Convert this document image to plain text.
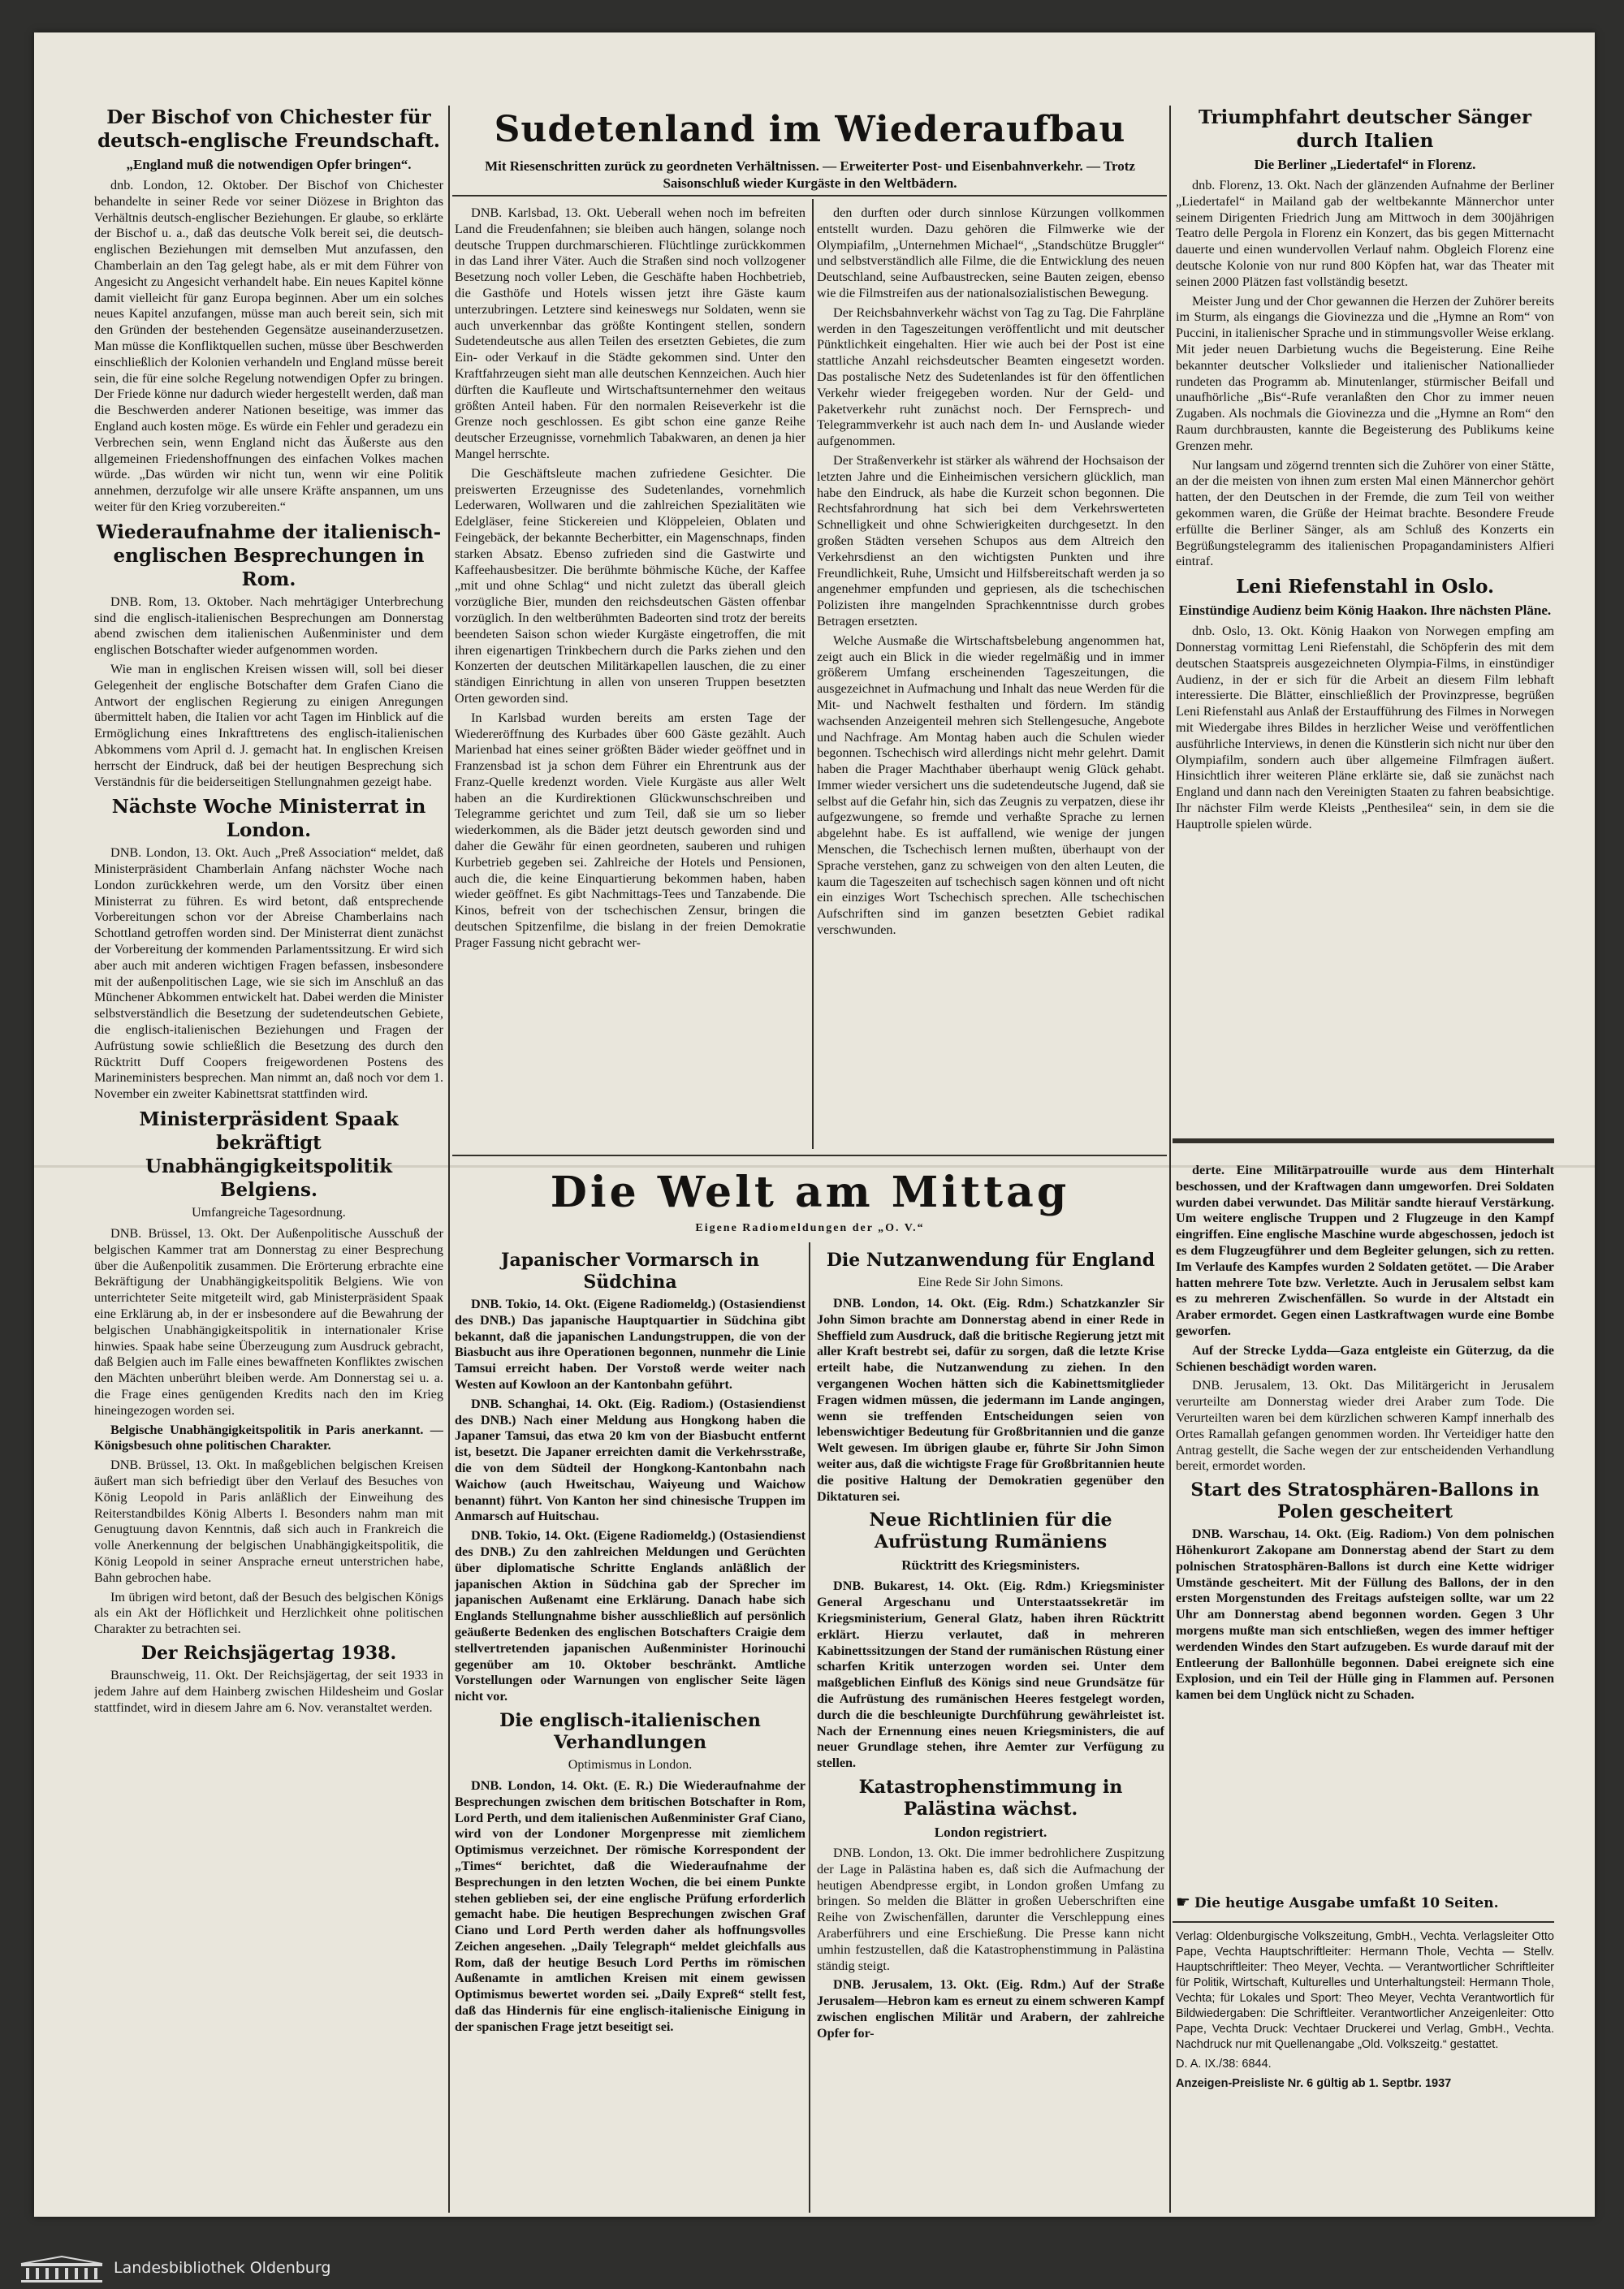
Der Bischof von Chichester für deutsch-englische Freundschaft.
„England muß die notwendigen Opfer bringen“.

dnb. London, 12. Oktober. Der Bischof von Chichester behandelte in seiner Rede vor seiner Diözese in Brighton das Verhältnis deutsch-englischer Beziehungen. Er glaube, so erklärte der Bischof u. a., daß das deutsche Volk bereit sei, die deutsch-englischen Beziehungen mit demselben Mut anzufassen, den Chamberlain an den Tag gelegt habe, als er mit dem Führer von Angesicht zu Angesicht verhandelt habe. Ein neues Kapitel könne damit vielleicht für ganz Europa beginnen. Aber um ein solches neues Kapitel anzufangen, müsse man auch bereit sein, sich mit den Gründen der bestehenden Gegensätze auseinanderzusetzen. Man müsse die Konfliktquellen suchen, müsse über Beschwerden einschließlich der Kolonien verhandeln und England müsse bereit sein, die für eine solche Regelung notwendigen Opfer zu bringen. Der Friede könne nur dadurch wieder hergestellt werden, daß man die Beschwerden anderer Nationen beseitige, was immer das England auch kosten möge. Es würde ein Fehler und geradezu ein Verbrechen sein, wenn England nicht das Äußerste aus den allgemeinen Friedenshoffnungen des einfachen Volkes machen würde. „Das würden wir nicht tun, wenn wir eine Politik annehmen, derzufolge wir alle unsere Kräfte anspannen, um uns weiter für den Krieg vorzubereiten.“

Wiederaufnahme der italienisch-englischen Besprechungen in Rom.

DNB. Rom, 13. Oktober. Nach mehrtägiger Unterbrechung sind die englisch-italienischen Besprechungen am Donnerstag abend zwischen dem italienischen Außenminister und dem englischen Botschafter wieder aufgenommen worden.

Wie man in englischen Kreisen wissen will, soll bei dieser Gelegenheit der englische Botschafter dem Grafen Ciano die Antwort der englischen Regierung zu einigen Anregungen übermittelt haben, die Italien vor acht Tagen im Hinblick auf die Ermöglichung eines Inkrafttretens des englisch-italienischen Abkommens vom April d. J. gemacht hat. In englischen Kreisen herrscht der Eindruck, daß bei der heutigen Besprechung sich Verständnis für die beiderseitigen Stellungnahmen gezeigt habe.

Nächste Woche Ministerrat in London.

DNB. London, 13. Okt. Auch „Preß Association“ meldet, daß Ministerpräsident Chamberlain Anfang nächster Woche nach London zurückkehren werde, um den Vorsitz über einen Ministerrat zu führen. Es wird betont, daß entsprechende Vorbereitungen schon vor der Abreise Chamberlains nach Schottland getroffen worden sind. Der Ministerrat dient zunächst der Vorbereitung der kommenden Parlamentssitzung. Er wird sich aber auch mit anderen wichtigen Fragen befassen, insbesondere mit der außenpolitischen Lage, wie sie sich im Anschluß an das Münchener Abkommen entwickelt hat. Dabei werden die Minister selbstverständlich die Besetzung der sudetendeutschen Gebiete, die englisch-italienischen Beziehungen und Fragen der Aufrüstung sowie schließlich die Besetzung des durch den Rücktritt Duff Coopers freigewordenen Postens des Marineministers besprechen. Man nimmt an, daß noch vor dem 1. November ein zweiter Kabinettsrat stattfinden wird.

Ministerpräsident Spaak bekräftigt Unabhängigkeitspolitik Belgiens.
Umfangreiche Tagesordnung.

DNB. Brüssel, 13. Okt. Der Außenpolitische Ausschuß der belgischen Kammer trat am Donnerstag zu einer Besprechung über die Außenpolitik zusammen. Die Erörterung erbrachte eine Bekräftigung der Unabhängigkeitspolitik Belgiens. Wie von unterrichteter Seite mitgeteilt wird, gab Ministerpräsident Spaak eine Erklärung ab, in der er insbesondere auf die Bewahrung der belgischen Unabhängigkeitspolitik in internationaler Krise hinwies. Spaak habe seine Überzeugung zum Ausdruck gebracht, daß Belgien auch im Falle eines bewaffneten Konfliktes zwischen den Mächten unberührt bleiben werde. Am Donnerstag sei u. a. die Frage eines genügenden Kredits nach den im Krieg hineingezogen worden sei.

Belgische Unabhängigkeitspolitik in Paris anerkannt. — Königsbesuch ohne politischen Charakter.

DNB. Brüssel, 13. Okt. In maßgeblichen belgischen Kreisen äußert man sich befriedigt über den Verlauf des Besuches von König Leopold in Paris anläßlich der Einweihung des Reiterstandbildes König Alberts I. Besonders nahm man mit Genugtuung davon Kenntnis, daß sich auch in Frankreich die volle Anerkennung der belgischen Unabhängigkeitspolitik, die König Leopold in seiner Ansprache erneut unterstrichen habe, Bahn gebrochen habe.

Im übrigen wird betont, daß der Besuch des belgischen Königs als ein Akt der Höflichkeit und Herzlichkeit ohne politischen Charakter zu betrachten sei.

Der Reichsjägertag 1938.

Braunschweig, 11. Okt. Der Reichsjägertag, der seit 1933 in jedem Jahre auf dem Hainberg zwischen Hildesheim und Goslar stattfindet, wird in diesem Jahre am 6. Nov. veranstaltet werden.

Sudetenland im Wiederaufbau
Mit Riesenschritten zurück zu geordneten Verhältnissen. — Erweiterter Post- und Eisenbahnverkehr. — Trotz Saisonschluß wieder Kurgäste in den Weltbädern.

DNB. Karlsbad, 13. Okt. Ueberall wehen noch im befreiten Land die Freudenfahnen; sie bleiben auch hängen, solange noch deutsche Truppen durchmarschieren. Flüchtlinge zurückkommen in das Land ihrer Väter. Auch die Straßen sind noch vollzogener Besetzung noch voller Leben, die Geschäfte haben Hochbetrieb, die Gasthöfe und Hotels wissen jetzt ihre Gäste kaum unterzubringen. Letztere sind keineswegs nur Soldaten, wenn sie auch unverkennbar das größte Kontingent stellen, sondern Sudetendeutsche aus allen Teilen des ersetzten Gebietes, die zum Ein- oder Verkauf in die Städte gekommen sind. Unter den Kraftfahrzeugen sieht man alle deutschen Kennzeichen. Auch hier dürften die Kaufleute und Wirtschaftsunternehmer den weitaus größten Anteil haben. Für den normalen Reiseverkehr ist die Grenze noch geschlossen. Es gibt schon eine ganze Reihe deutscher Erzeugnisse, vornehmlich Tabakwaren, an denen ja hier Mangel herrschte.

Die Geschäftsleute machen zufriedene Gesichter. Die preiswerten Erzeugnisse des Sudetenlandes, vornehmlich Lederwaren, Wollwaren und die zahlreichen Spezialitäten wie Edelgläser, feine Stickereien und Klöppeleien, Oblaten und Feingebäck, der bekannte Becherbitter, ein Magenschnaps, finden starken Absatz. Ebenso zufrieden sind die Gastwirte und Kaffeehausbesitzer. Die berühmte böhmische Küche, der Kaffee „mit und ohne Schlag“ und nicht zuletzt das überall gleich vorzügliche Bier, munden den reichsdeutschen Gästen offenbar vorzüglich. In den weltberühmten Badeorten sind trotz der bereits beendeten Saison schon wieder Kurgäste eingetroffen, die mit ihren eigenartigen Trinkbechern durch die Parks ziehen und den Konzerten der deutschen Militärkapellen lauschen, die zu einer ständigen Einrichtung in allen von unseren Truppen besetzten Orten geworden sind.

In Karlsbad wurden bereits am ersten Tage der Wiedereröffnung des Kurbades über 600 Gäste gezählt. Auch Marienbad hat eines seiner größten Bäder wieder geöffnet und in Franzensbad ist ja schon dem Führer ein Ehrentrunk aus der Franz-Quelle kredenzt worden. Viele Kurgäste aus aller Welt haben an die Kurdirektionen Glückwunschschreiben und Telegramme gerichtet und zum Teil, daß sie um so lieber wiederkommen, als die Bäder jetzt deutsch geworden sind und daher die Gewähr für einen geordneten, sauberen und ruhigen Kurbetrieb gegeben sei. Zahlreiche der Hotels und Pensionen, auch die, die keine Einquartierung bekommen haben, haben wieder geöffnet. Es gibt Nachmittags-Tees und Tanzabende. Die Kinos, befreit von der tschechischen Zensur, bringen die deutschen Spitzenfilme, die bislang in der freien Demokratie Prager Fassung nicht gebracht wer-

den durften oder durch sinnlose Kürzungen vollkommen entstellt wurden. Dazu gehören die Filmwerke wie der Olympiafilm, „Unternehmen Michael“, „Standschütze Bruggler“ und selbstverständlich alle Filme, die die Entwicklung des neuen Deutschland, seine Aufbaustrecken, seine Bauten zeigen, ebenso wie die Filmstreifen aus der nationalsozialistischen Bewegung.

Der Reichsbahnverkehr wächst von Tag zu Tag. Die Fahrpläne werden in den Tageszeitungen veröffentlicht und mit deutscher Pünktlichkeit eingehalten. Hier wie auch bei der Post ist eine stattliche Anzahl reichsdeutscher Beamten eingesetzt worden. Das postalische Netz des Sudetenlandes ist für den öffentlichen Verkehr wieder freigegeben worden. Nur der Geld- und Paketverkehr ruht zunächst noch. Der Fernsprech- und Telegrammverkehr ist auch nach dem In- und Auslande wieder aufgenommen.

Der Straßenverkehr ist stärker als während der Hochsaison der letzten Jahre und die Einheimischen versichern glücklich, man habe den Eindruck, als habe die Kurzeit schon begonnen. Die Rechtsfahrordnung hat sich bei dem Verkehrswerteten Schnelligkeit und ohne Schwierigkeiten durchgesetzt. In den großen Städten versehen Schupos aus dem Altreich den Verkehrsdienst an den wichtigsten Punkten und ihre Freundlichkeit, Ruhe, Umsicht und Hilfsbereitschaft werden ja so angenehmer empfunden und gepriesen, als die tschechischen Polizisten ihre mangelnden Sprachkenntnisse durch grobes Betragen ersetzten.

Welche Ausmaße die Wirtschaftsbelebung angenommen hat, zeigt auch ein Blick in die wieder regelmäßig und in immer größerem Umfang erscheinenden Tageszeitungen, die ausgezeichnet in Aufmachung und Inhalt das neue Werden für die Mit- und Nachwelt festhalten und fördern. Im ständig wachsenden Anzeigenteil mehren sich Stellengesuche, Angebote und Nachfrage. Am Montag haben auch die Schulen wieder begonnen. Tschechisch wird allerdings nicht mehr gelehrt. Damit haben die Prager Machthaber überhaupt wenig Glück gehabt. Immer wieder versichert uns die sudetendeutsche Jugend, daß sie selbst auf die Gefahr hin, sich das Zeugnis zu verpatzen, diese ihr aufgezwungene, so fremde und verhaßte Sprache zu lernen abgelehnt habe. Es ist auffallend, wie wenige der jungen Menschen, die Tschechisch lernen mußten, überhaupt von der Sprache verstehen, ganz zu schweigen von den alten Leuten, die kaum die Tageszeiten auf tschechisch sagen können und oft nicht ein einziges Wort Tschechisch sprechen. Alle tschechischen Aufschriften sind im ganzen besetzten Gebiet radikal verschwunden.

Die Welt am Mittag
Eigene Radiomeldungen der „O. V.“
Japanischer Vormarsch in Südchina

DNB. Tokio, 14. Okt. (Eigene Radiomeldg.) (Ostasiendienst des DNB.) Das japanische Hauptquartier in Südchina gibt bekannt, daß die japanischen Landungstruppen, die von der Biasbucht aus ihre Operationen begonnen, nunmehr die Linie Tamsui erreicht haben. Der Vorstoß werde weiter nach Westen auf Kowloon an der Kantonbahn geführt.

DNB. Schanghai, 14. Okt. (Eig. Radiom.) (Ostasiendienst des DNB.) Nach einer Meldung aus Hongkong haben die Japaner Tamsui, das etwa 20 km von der Biasbucht entfernt ist, besetzt. Die Japaner erreichten damit die Verkehrsstraße, die von dem Südteil der Hongkong-Kantonbahn nach Waichow (auch Hweitschau, Waiyeung und Waichow benannt) führt. Von Kanton her sind chinesische Truppen im Anmarsch auf Huitschau.

DNB. Tokio, 14. Okt. (Eigene Radiomeldg.) (Ostasiendienst des DNB.) Zu den zahlreichen Meldungen und Gerüchten über diplomatische Schritte Englands anläßlich der japanischen Aktion in Südchina gab der Sprecher im japanischen Außenamt eine Erklärung. Danach habe sich Englands Stellungnahme bisher ausschließlich auf persönlich geäußerte Bedenken des englischen Botschafters Craigie dem stellvertretenden japanischen Außenminister Horinouchi gegenüber am 10. Oktober beschränkt. Amtliche Vorstellungen oder Warnungen von englischer Seite lägen nicht vor.

Die englisch-italienischen Verhandlungen
Optimismus in London.

DNB. London, 14. Okt. (E. R.) Die Wiederaufnahme der Besprechungen zwischen dem britischen Botschafter in Rom, Lord Perth, und dem italienischen Außenminister Graf Ciano, wird von der Londoner Morgenpresse mit ziemlichem Optimismus verzeichnet. Der römische Korrespondent der „Times“ berichtet, daß die Wiederaufnahme der Besprechungen in den letzten Wochen, die bei einem Punkte stehen geblieben sei, der eine englische Prüfung erforderlich gemacht habe. Die heutigen Besprechungen zwischen Graf Ciano und Lord Perth werden daher als hoffnungsvolles Zeichen angesehen. „Daily Telegraph“ meldet gleichfalls aus Rom, daß der heutige Besuch Lord Perths im römischen Außenamte in amtlichen Kreisen mit einem gewissen Optimismus bewertet worden sei. „Daily Expreß“ stellt fest, daß das Hindernis für eine englisch-italienische Einigung in der spanischen Frage jetzt beseitigt sei.

Die Nutzanwendung für England
Eine Rede Sir John Simons.

DNB. London, 14. Okt. (Eig. Rdm.) Schatzkanzler Sir John Simon brachte am Donnerstag abend in einer Rede in Sheffield zum Ausdruck, daß die britische Regierung jetzt mit aller Kraft bestrebt sei, dafür zu sorgen, daß die letzte Krise erteilt habe, die Nutzanwendung zu ziehen. In den vergangenen Wochen hätten sich die Kabinettsmitglieder Fragen widmen müssen, die jedermann im Lande angingen, wenn sie treffenden Entscheidungen seien von lebenswichtiger Bedeutung für Großbritannien und die ganze Welt gewesen. Im übrigen glaube er, führte Sir John Simon weiter aus, daß die wichtigste Frage für Großbritannien heute die positive Haltung der Demokratien gegenüber den Diktaturen sei.

Neue Richtlinien für die Aufrüstung Rumäniens
Rücktritt des Kriegsministers.

DNB. Bukarest, 14. Okt. (Eig. Rdm.) Kriegsminister General Argeschanu und Unterstaatssekretär im Kriegsministerium, General Glatz, haben ihren Rücktritt erklärt. Hierzu verlautet, daß in mehreren Kabinettssitzungen der Stand der rumänischen Rüstung einer scharfen Kritik unterzogen worden sei. Unter dem maßgeblichen Einfluß des Königs sind neue Grundsätze für die Aufrüstung des rumänischen Heeres festgelegt worden, durch die die beschleunigte Durchführung gewährleistet ist. Nach der Ernennung eines neuen Kriegsministers, die auf neuer Grundlage stehen, ihre Aemter zur Verfügung zu stellen.

Katastrophenstimmung in Palästina wächst.
London registriert.

DNB. London, 13. Okt. Die immer bedrohlichere Zuspitzung der Lage in Palästina haben es, daß sich die Aufmachung der heutigen Abendpresse ergibt, in London großen Umfang zu bringen. So melden die Blätter in großen Ueberschriften eine Reihe von Zwischenfällen, darunter die Verschleppung eines Araberführers und eine Erschießung. Die Presse kann nicht umhin festzustellen, daß die Katastrophenstimmung in Palästina ständig steigt.

DNB. Jerusalem, 13. Okt. (Eig. Rdm.) Auf der Straße Jerusalem—Hebron kam es erneut zu einem schweren Kampf zwischen englischen Militär und Arabern, der zahlreiche Opfer for-

Triumphfahrt deutscher Sänger durch Italien
Die Berliner „Liedertafel“ in Florenz.

dnb. Florenz, 13. Okt. Nach der glänzenden Aufnahme der Berliner „Liedertafel“ in Mailand gab der weltbekannte Männerchor unter seinem Dirigenten Friedrich Jung am Mittwoch in dem 300jährigen Teatro delle Pergola in Florenz ein Konzert, das bis gegen Mitternacht dauerte und einen wundervollen Verlauf nahm. Obgleich Florenz eine deutsche Kolonie von nur rund 800 Köpfen hat, war das Theater mit seinen 2000 Plätzen fast vollständig besetzt.

Meister Jung und der Chor gewannen die Herzen der Zuhörer bereits im Sturm, als eingangs die Giovinezza und die „Hymne an Rom“ von Puccini, in italienischer Sprache und in stimmungsvoller Weise erklang. Mit jeder neuen Darbietung wuchs die Begeisterung. Eine Reihe bekannter deutscher Volkslieder und italienischer Nationallieder rundeten das Programm ab. Minutenlanger, stürmischer Beifall und unaufhörliche „Bis“-Rufe veranlaßten den Chor zu immer neuen Zugaben. Als nochmals die Giovinezza und die „Hymne an Rom“ den Raum durchbrausten, kannte die Begeisterung des Publikums keine Grenzen mehr.

Nur langsam und zögernd trennten sich die Zuhörer von einer Stätte, an der die meisten von ihnen zum ersten Mal einen Männerchor gehört hatten, der den Deutschen in der Fremde, die zum Teil von weither gekommen waren, die Grüße der Heimat brachte. Besondere Freude erfüllte die Berliner Sänger, als am Schluß des Konzerts ein Begrüßungstelegramm des italienischen Propagandaministers Alfieri eintraf.

Leni Riefenstahl in Oslo.
Einstündige Audienz beim König Haakon. Ihre nächsten Pläne.

dnb. Oslo, 13. Okt. König Haakon von Norwegen empfing am Donnerstag vormittag Leni Riefenstahl, die Schöpferin des mit dem deutschen Staatspreis ausgezeichneten Olympia-Films, in einstündiger Audienz, in der er sich für die Arbeit an diesem Film lebhaft interessierte. Die Blätter, einschließlich der Provinzpresse, begrüßen Leni Riefenstahl aus Anlaß der Erstaufführung des Filmes in Norwegen mit Wiedergabe ihres Bildes in herzlicher Weise und veröffentlichen ausführliche Interviews, in denen die Künstlerin sich nicht nur über den Olympiafilm, sondern auch über allgemeine Filmfragen äußert. Hinsichtlich ihrer weiteren Pläne erklärte sie, daß sie zunächst nach England und dann nach den Vereinigten Staaten zu fahren beabsichtige. Ihr nächster Film werde Kleists „Penthesilea“ sein, in dem sie die Hauptrolle spielen würde.

derte. Eine Militärpatrouille wurde aus dem Hinterhalt beschossen, und der Kraftwagen dann umgeworfen. Drei Soldaten wurden dabei verwundet. Das Militär sandte hierauf Verstärkung. Um weitere englische Truppen und 2 Flugzeuge in den Kampf eingriffen. Eine englische Maschine wurde abgeschossen, jedoch ist es dem Flugzeugführer und dem Begleiter gelungen, sich zu retten. Im Verlaufe des Kampfes wurden 2 Soldaten getötet. — Die Araber hatten mehrere Tote bzw. Verletzte. Auch in Jerusalem selbst kam es zu mehreren Zwischenfällen. So wurde in der Altstadt ein Araber ermordet. Gegen einen Lastkraftwagen wurde eine Bombe geworfen.

Auf der Strecke Lydda—Gaza entgleiste ein Güterzug, da die Schienen beschädigt worden waren.

DNB. Jerusalem, 13. Okt. Das Militärgericht in Jerusalem verurteilte am Donnerstag wieder drei Araber zum Tode. Die Verurteilten waren bei dem kürzlichen schweren Kampf innerhalb des Ortes Ramallah gefangen genommen worden. Ihr Verteidiger hatte den Antrag gestellt, die Sache wegen der zur entscheidenden Verhandlung bereit, ermordet worden.

Start des Stratosphären-Ballons in Polen gescheitert

DNB. Warschau, 14. Okt. (Eig. Radiom.) Von dem polnischen Höhenkurort Zakopane am Donnerstag abend der Start zu dem polnischen Stratosphären-Ballons ist durch eine Kette widriger Umstände gescheitert. Mit der Füllung des Ballons, der in den ersten Morgenstunden des Freitags aufsteigen sollte, war um 22 Uhr am Donnerstag abend begonnen worden. Gegen 3 Uhr morgens mußte man sich entschließen, wegen des immer heftiger werdenden Windes den Start aufzugeben. Es wurde darauf mit der Entleerung der Ballonhülle begonnen. Dabei ereignete sich eine Explosion, und ein Teil der Hülle ging in Flammen auf. Personen kamen bei dem Unglück nicht zu Schaden.

☛ Die heutige Ausgabe umfaßt 10 Seiten.

Verlag: Oldenburgische Volkszeitung, GmbH., Vechta. Verlagsleiter Otto Pape, Vechta Hauptschriftleiter: Hermann Thole, Vechta — Stellv. Hauptschriftleiter: Theo Meyer, Vechta. — Verantwortlicher Schriftleiter für Politik, Wirtschaft, Kulturelles und Unterhaltungsteil: Hermann Thole, Vechta; für Lokales und Sport: Theo Meyer, Vechta Verantwortlich für Bildwiedergaben: Die Schriftleiter. Verantwortlicher Anzeigenleiter: Otto Pape, Vechta Druck: Vechtaer Druckerei und Verlag, GmbH., Vechta. Nachdruck nur mit Quellenangabe „Old. Volkszeitg.“ gestattet.

D. A. IX./38: 6844.

Anzeigen-Preisliste Nr. 6 gültig ab 1. Septbr. 1937

Landesbibliothek Oldenburg
